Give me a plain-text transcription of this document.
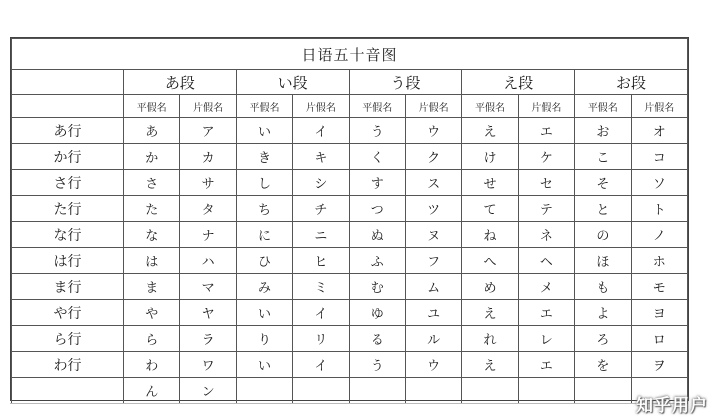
日语五十音图										
	あ段		い段		う段		え段		お段	
	平假名	片假名	平假名	片假名	平假名	片假名	平假名	片假名	平假名	片假名
あ行	あ	ア	い	イ	う	ウ	え	エ	お	オ
か行	か	カ	き	キ	く	ク	け	ケ	こ	コ
さ行	さ	サ	し	シ	す	ス	せ	セ	そ	ソ
た行	た	タ	ち	チ	つ	ツ	て	テ	と	ト
な行	な	ナ	に	ニ	ぬ	ヌ	ね	ネ	の	ノ
は行	は	ハ	ひ	ヒ	ふ	フ	へ	ヘ	ほ	ホ
ま行	ま	マ	み	ミ	む	ム	め	メ	も	モ
や行	や	ヤ	い	イ	ゆ	ユ	え	エ	よ	ヨ
ら行	ら	ラ	り	リ	る	ル	れ	レ	ろ	ロ
わ行	わ	ワ	い	イ	う	ウ	え	エ	を	ヲ
	ん	ン								
知乎用户
